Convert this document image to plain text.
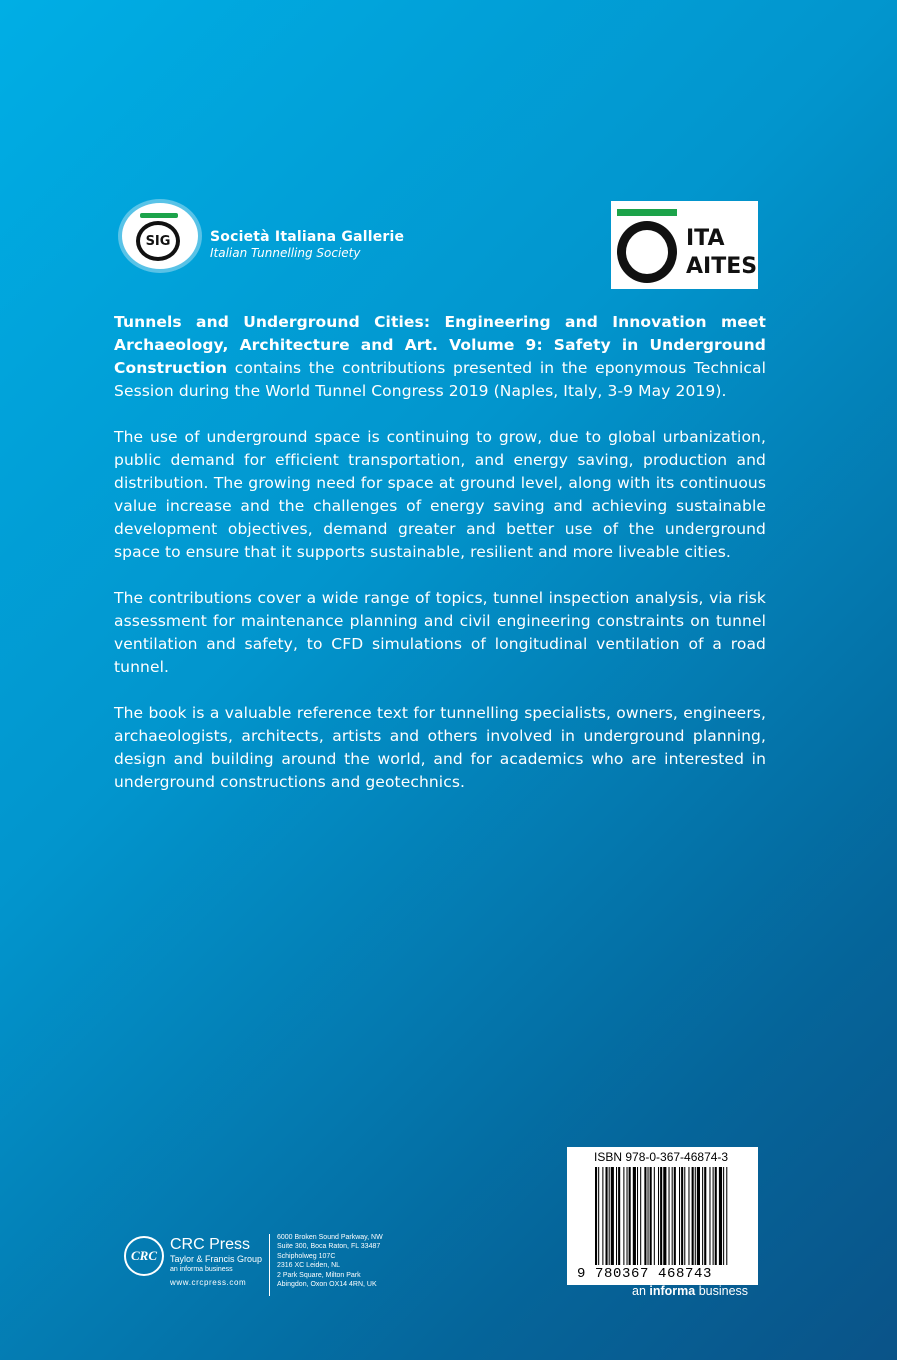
SIG	Società Italiana Gallerie
Italian Tunnelling Society
ITA
AITES

Tunnels and Underground Cities: Engineering and Innovation meet Archaeology, Architecture and Art. Volume 9: Safety in Underground Construction contains the contributions presented in the eponymous Technical Session during the World Tunnel Congress 2019 (Naples, Italy, 3-9 May 2019).

The use of underground space is continuing to grow, due to global urbanization, public demand for efficient transportation, and energy saving, production and distribution. The growing need for space at ground level, along with its continuous value increase and the challenges of energy saving and achieving sustainable development objectives, demand greater and better use of the underground space to ensure that it supports sustainable, resilient and more liveable cities.

The contributions cover a wide range of topics, tunnel inspection analysis, via risk assessment for maintenance planning and civil engineering constraints on tunnel ventilation and safety, to CFD simulations of longitudinal ventilation of a road tunnel.

The book is a valuable reference text for tunnelling specialists, owners, engineers, archaeologists, architects, artists and others involved in underground planning, design and building around the world, and for academics who are interested in underground constructions and geotechnics.

CRC
CRC Press
Taylor & Francis Group
an informa business
www.crcpress.com
6000 Broken Sound Parkway, NW
Suite 300, Boca Raton, FL 33487
Schipholweg 107C
2316 XC Leiden, NL
2 Park Square, Milton Park
Abingdon, Oxon OX14 4RN, UK
ISBN 978-0-367-46874-3
9 780367 468743
an informa business
